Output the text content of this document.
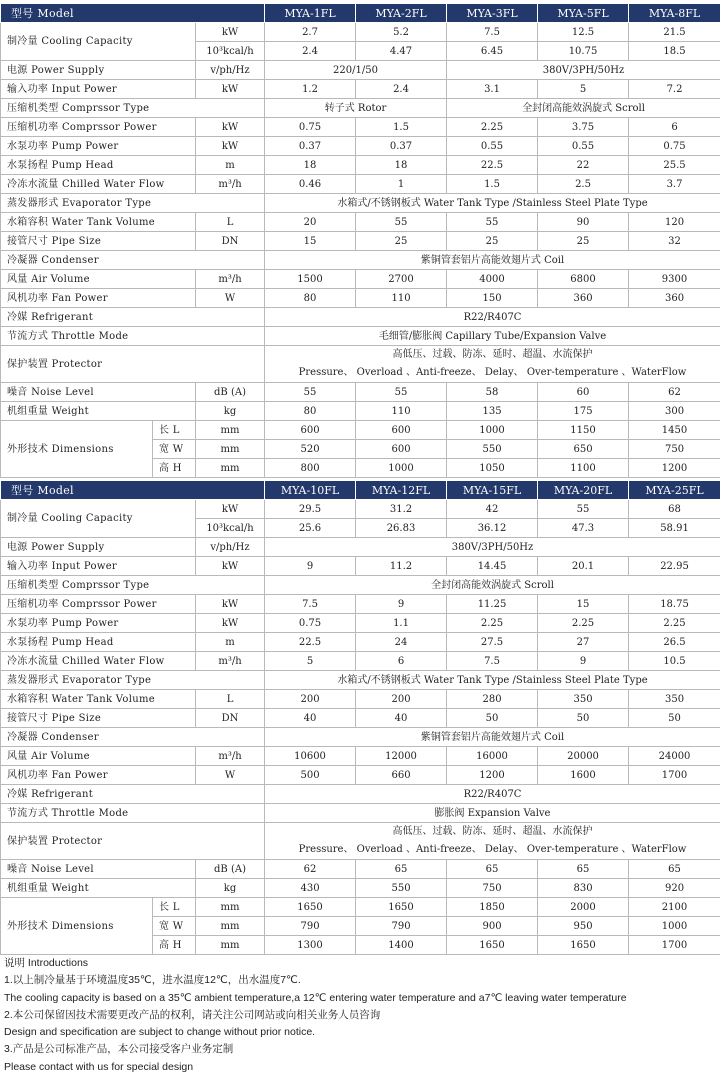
型号 Model			MYA-1FL	MYA-2FL	MYA-3FL	MYA-5FL	MYA-8FL
制冷量 Cooling Capacity		kW	2.7	5.2	7.5	12.5	21.5
		10³kcal/h	2.4	4.47	6.45	10.75	18.5
电源 Power Supply		v/ph/Hz	220/1/50		380V/3PH/50Hz		
输入功率 Input Power		kW	1.2	2.4	3.1	5	7.2
压缩机类型 Comprssor Type			转子式 Rotor		全封闭高能效涡旋式 Scroll		
压缩机功率 Comprssor Power		kW	0.75	1.5	2.25	3.75	6
水泵功率 Pump Power		kW	0.37	0.37	0.55	0.55	0.75
水泵扬程 Pump Head		m	18	18	22.5	22	25.5
冷冻水流量 Chilled Water Flow		m³/h	0.46	1	1.5	2.5	3.7
蒸发器形式 Evaporator Type			水箱式/不锈钢板式 Water Tank Type /Stainless Steel Plate Type				
水箱容积 Water Tank Volume		L	20	55	55	90	120
接管尺寸 Pipe Size		DN	15	25	25	25	32
冷凝器 Condenser			紫铜管套铝片高能效翅片式 Coil				
风量 Air Volume		m³/h	1500	2700	4000	6800	9300
风机功率 Fan Power		W	80	110	150	360	360
冷媒 Refrigerant			R22/R407C				
节流方式 Throttle Mode			毛细管/膨胀阀 Capillary Tube/Expansion Valve				
保护装置 Protector			高低压、过载、防冻、延时、超温、水流保护
Pressure、 Overload 、Anti-freeze、 Delay、 Over-temperature 、WaterFlow				

噪音 Noise Level		dB (A)	55	55	58	60	62
机组重量 Weight		kg	80	110	135	175	300
外形技术 Dimensions	长 L	mm	600	600	1000	1150	1450
	宽 W	mm	520	600	550	650	750
	高 H	mm	800	1000	1050	1100	1200
型号 Model			MYA-10FL	MYA-12FL	MYA-15FL	MYA-20FL	MYA-25FL
制冷量 Cooling Capacity		kW	29.5	31.2	42	55	68
		10³kcal/h	25.6	26.83	36.12	47.3	58.91
电源 Power Supply		v/ph/Hz	380V/3PH/50Hz				
输入功率 Input Power		kW	9	11.2	14.45	20.1	22.95
压缩机类型 Comprssor Type			全封闭高能效涡旋式 Scroll				
压缩机功率 Comprssor Power		kW	7.5	9	11.25	15	18.75
水泵功率 Pump Power		kW	0.75	1.1	2.25	2.25	2.25
水泵扬程 Pump Head		m	22.5	24	27.5	27	26.5
冷冻水流量 Chilled Water Flow		m³/h	5	6	7.5	9	10.5
蒸发器形式 Evaporator Type			水箱式/不锈钢板式 Water Tank Type /Stainless Steel Plate Type				
水箱容积 Water Tank Volume		L	200	200	280	350	350
接管尺寸 Pipe Size		DN	40	40	50	50	50
冷凝器 Condenser			紫铜管套铝片高能效翅片式 Coil				
风量 Air Volume		m³/h	10600	12000	16000	20000	24000
风机功率 Fan Power		W	500	660	1200	1600	1700
冷媒 Refrigerant			R22/R407C				
节流方式 Throttle Mode			膨胀阀 Expansion Valve				
保护装置 Protector			高低压、过载、防冻、延时、超温、水流保护
Pressure、 Overload 、Anti-freeze、 Delay、 Over-temperature 、WaterFlow				

噪音 Noise Level		dB (A)	62	65	65	65	65
机组重量 Weight		kg	430	550	750	830	920
外形技术 Dimensions	长 L	mm	1650	1650	1850	2000	2100
	宽 W	mm	790	790	900	950	1000
	高 H	mm	1300	1400	1650	1650	1700
说明 Introductions
1.以上制冷量基于环境温度35℃，进水温度12℃，出水温度7℃.
The cooling capacity is based on a 35℃ ambient temperature,a 12℃ entering water temperature and a7℃ leaving water temperature
2.本公司保留因技术需要更改产品的权利，请关注公司网站或向相关业务人员咨询
Design and specification are subject to change without prior notice.
3.产品是公司标准产品，本公司接受客户业务定制
Please contact with us for special design
